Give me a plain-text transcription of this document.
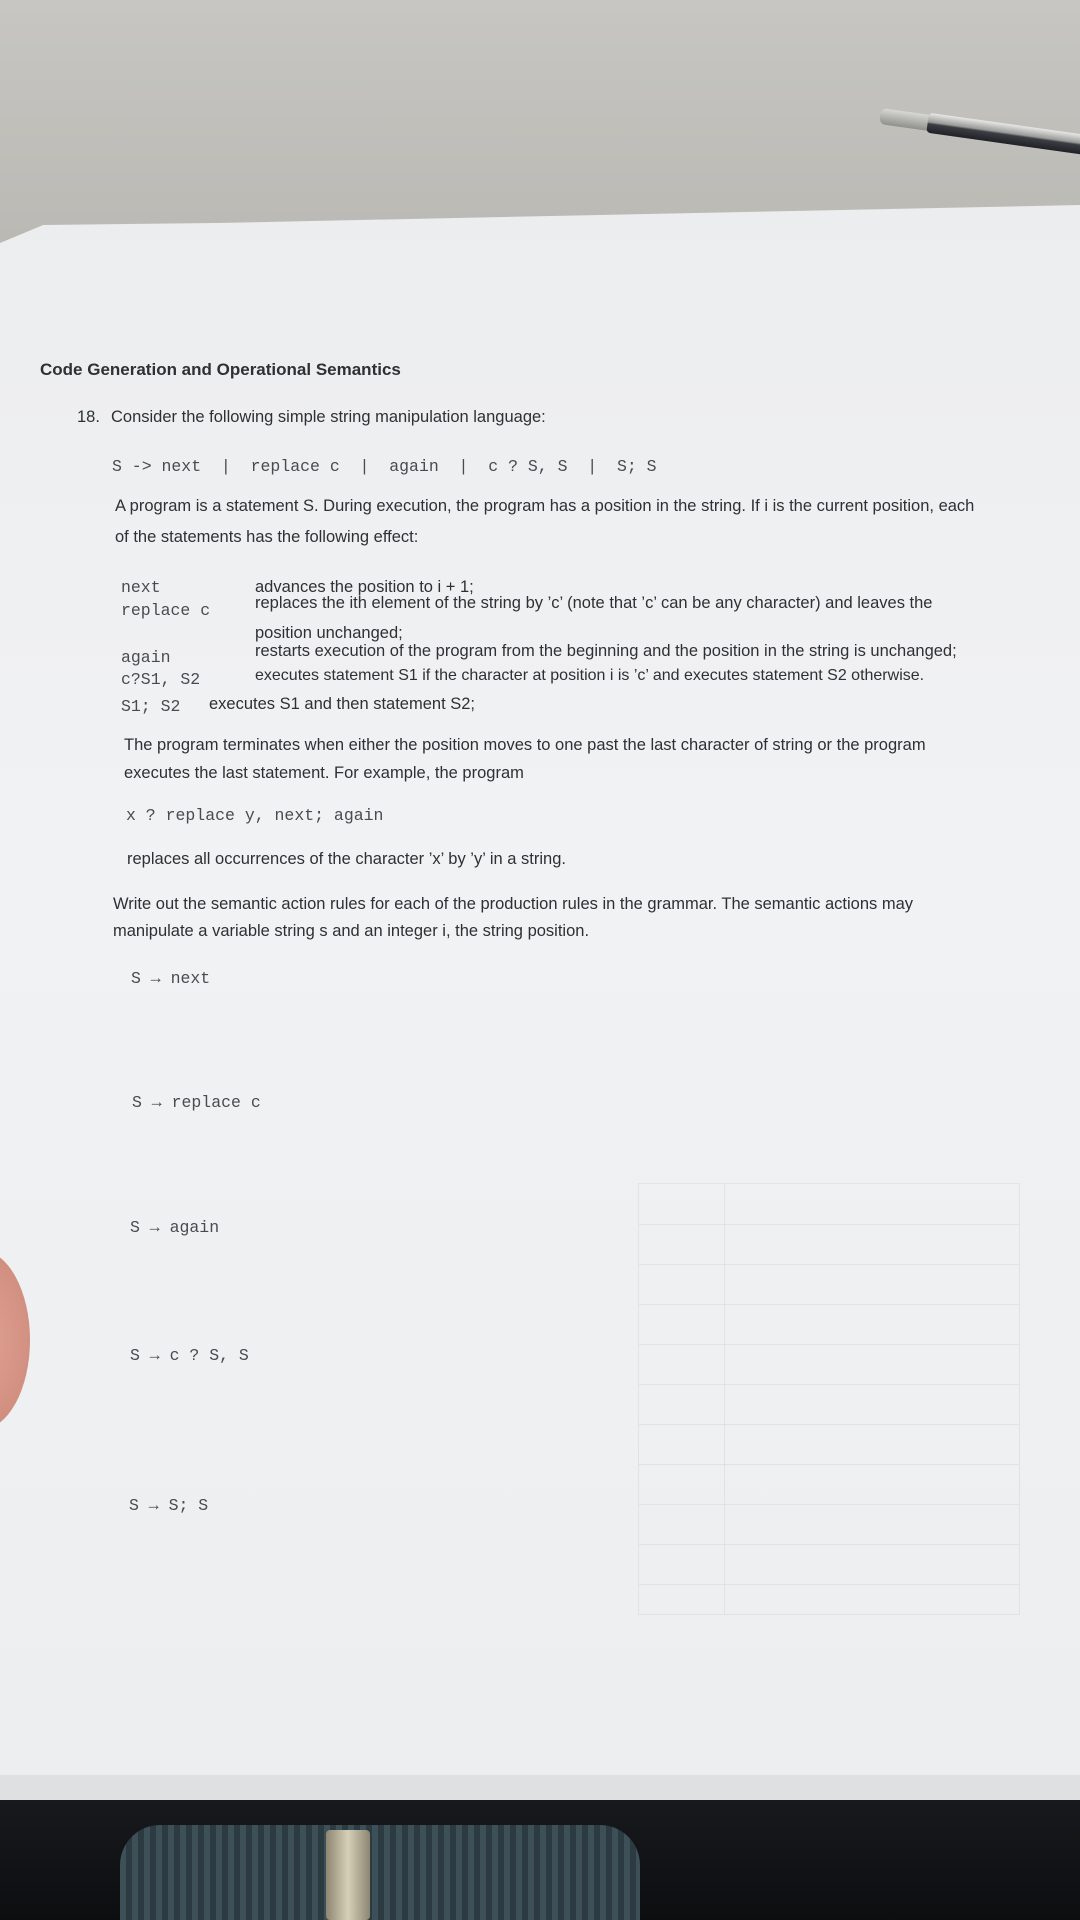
Code Generation and Operational Semantics
18. Consider the following simple string manipulation language:
S -> next  |  replace c  |  again  |  c ? S, S  |  S; S
A program is a statement S. During execution, the program has a position in the string. If i is the current position, each
of the statements has the following effect:
next	advances the position to i + 1;
replace c	replaces the ith element of the string by ’c’ (note that ’c’ can be any character) and leaves the
position unchanged;
again	restarts execution of the program from the beginning and the position in the string is unchanged;
c?S1, S2	executes statement S1 if the character at position i is ’c’ and executes statement S2 otherwise.
S1; S2 executes S1 and then statement S2;
The program terminates when either the position moves to one past the last character of string or the program
executes the last statement. For example, the program
x ? replace y, next; again
replaces all occurrences of the character ’x’ by ’y’ in a string.
Write out the semantic action rules for each of the production rules in the grammar. The semantic actions may
manipulate a variable string s and an integer i, the string position.
S → next
S → replace c
S → again
S → c ? S, S
S → S; S
